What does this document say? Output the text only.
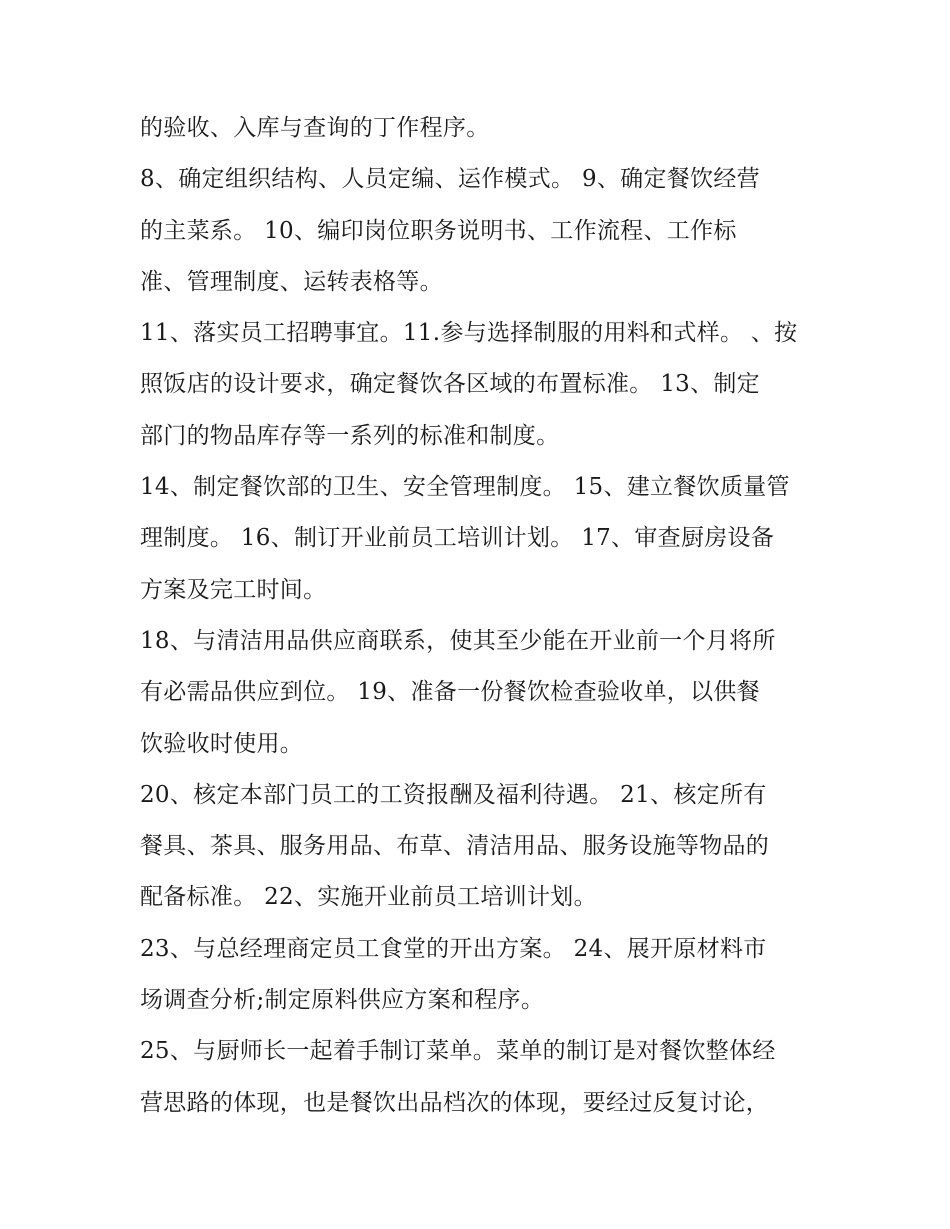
的验收、入库与查询的丁作程序。
8、确定组织结构、人员定编、运作模式。 9、确定餐饮经营
的主菜系。 10、编印岗位职务说明书、工作流程、工作标
准、管理制度、运转表格等。
11、落实员工招聘事宜。11.参与选择制服的用料和式样。 、按
照饭店的设计要求，确定餐饮各区域的布置标准。 13、制定
部门的物品库存等一系列的标准和制度。
14、制定餐饮部的卫生、安全管理制度。 15、建立餐饮质量管
理制度。 16、制订开业前员工培训计划。 17、审查厨房设备
方案及完工时间。
18、与清洁用品供应商联系，使其至少能在开业前一个月将所
有必需品供应到位。 19、准备一份餐饮检查验收单，以供餐
饮验收时使用。
20、核定本部门员工的工资报酬及福利待遇。 21、核定所有
餐具、茶具、服务用品、布草、清洁用品、服务设施等物品的
配备标准。 22、实施开业前员工培训计划。
23、与总经理商定员工食堂的开出方案。 24、展开原材料市
场调查分析;制定原料供应方案和程序。
25、与厨师长一起着手制订菜单。菜单的制订是对餐饮整体经
营思路的体现，也是餐饮出品档次的体现，要经过反复讨论，
